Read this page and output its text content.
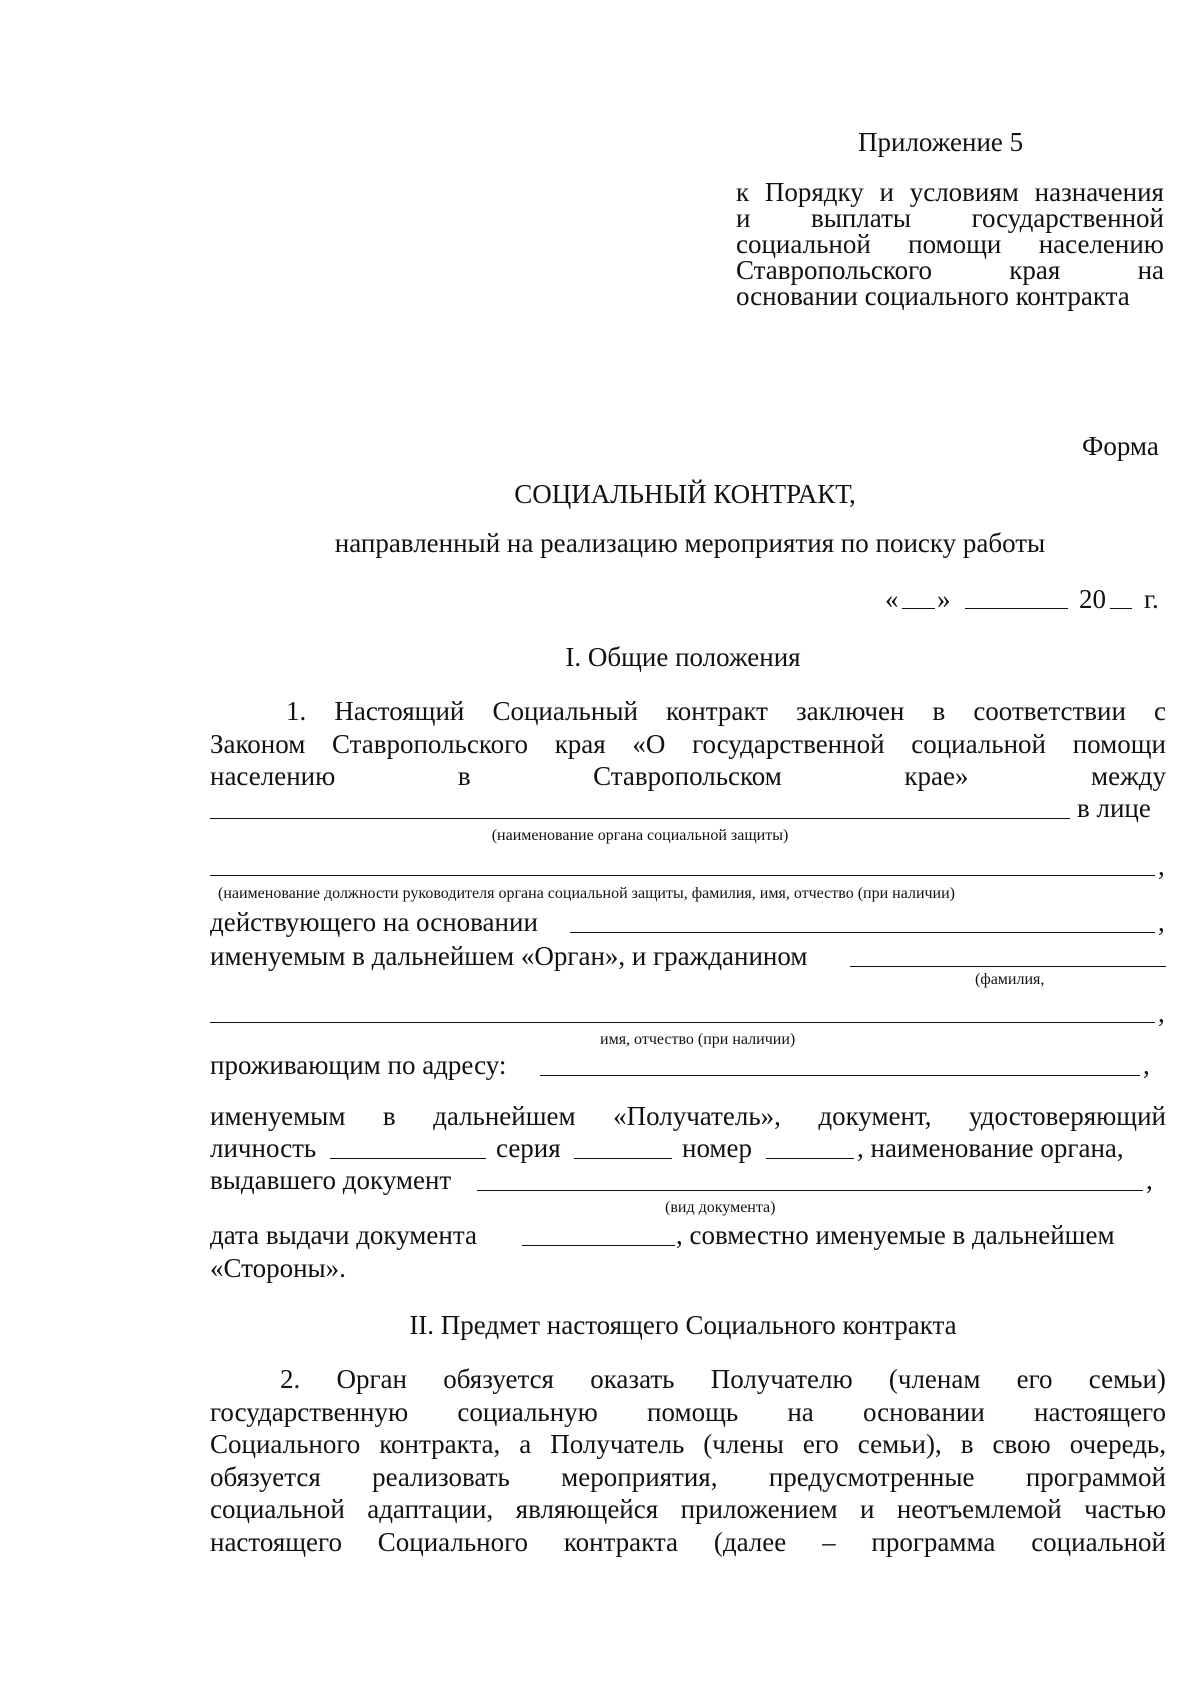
Приложение 5
к Порядку и условиям назначения
и выплаты государственной
социальной помощи населению
Ставропольского	края	на
основании социального контракта
Форма
СОЦИАЛЬНЫЙ КОНТРАКТ,
направленный на реализацию мероприятия по поиску работы
« »	20 г.
I. Общие положения
1. Настоящий Социальный контракт заключен в соответствии с
Законом Ставропольского края «О государственной социальной помощи
населению	в	Ставропольском	крае»	между
в лице
(наименование органа социальной защиты)
,
(наименование должности руководителя органа социальной защиты, фамилия, имя, отчество (при наличии)
действующего на основании	,
именуемым в дальнейшем «Орган», и гражданином
(фамилия,
,
имя, отчество (при наличии)
проживающим по адресу:	,
именуемым в дальнейшем «Получатель», документ, удостоверяющий
личность	серия	номер	, наименование органа,
выдавшего документ	,
(вид документа)
дата выдачи документа	, совместно именуемые в дальнейшем
«Стороны».
II. Предмет настоящего Социального контракта
2. Орган обязуется оказать Получателю (членам его семьи)
государственную социальную помощь на основании настоящего
Социального контракта, а Получатель (члены его семьи), в свою очередь,
обязуется реализовать мероприятия, предусмотренные программой
социальной адаптации, являющейся приложением и неотъемлемой частью
настоящего Социального контракта (далее – программа социальной
